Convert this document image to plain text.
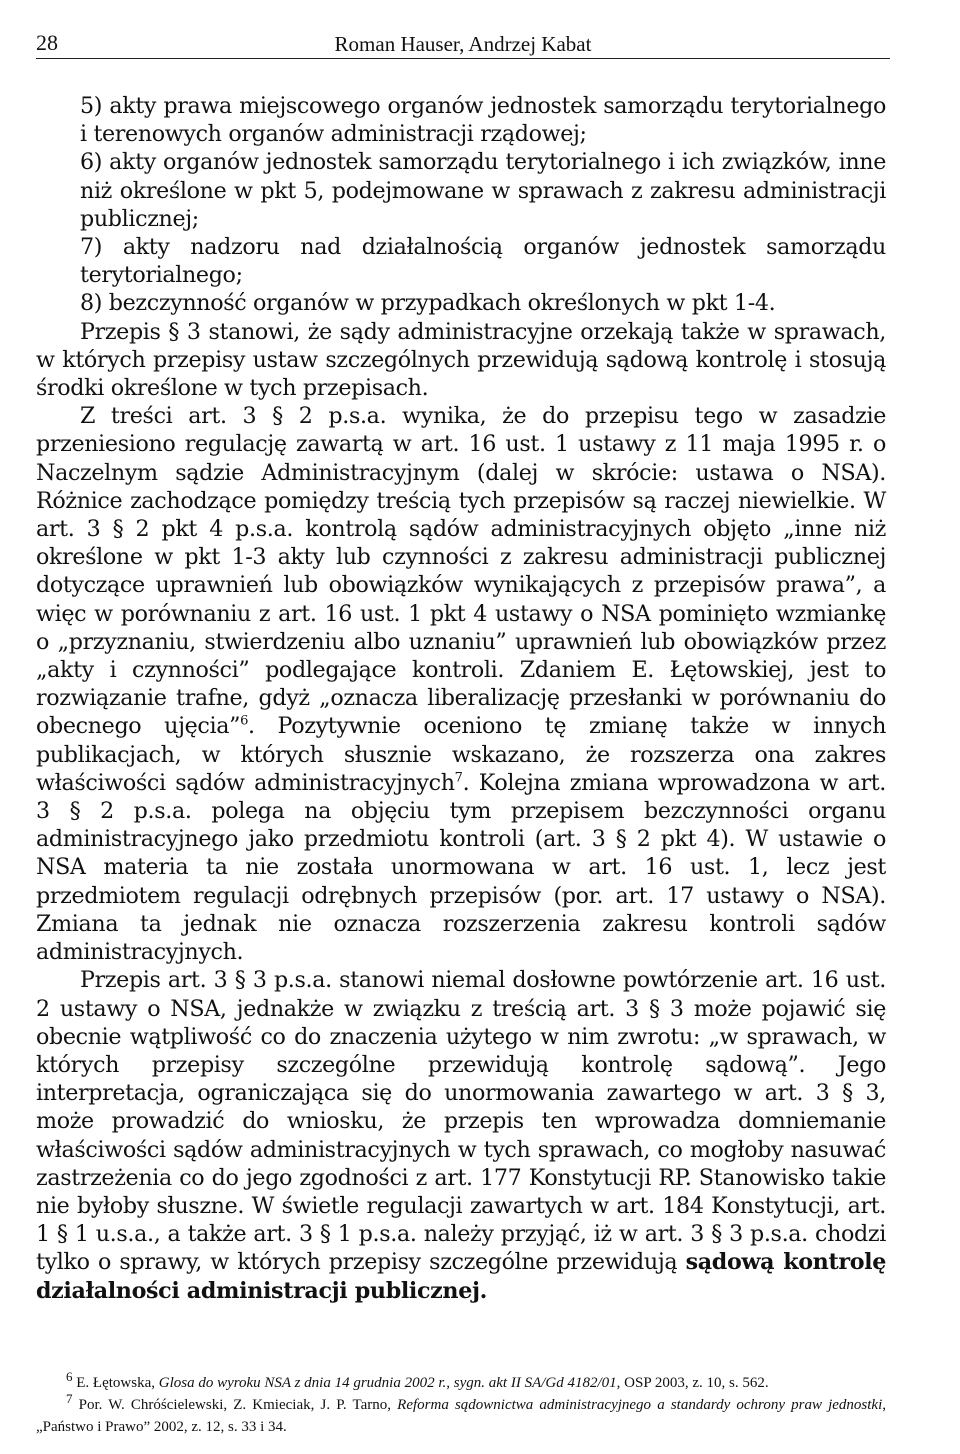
28	Roman Hauser, Andrzej Kabat

5) akty prawa miejscowego organów jednostek samorządu terytorialnego i terenowych organów administracji rządowej;

6) akty organów jednostek samorządu terytorialnego i ich związków, inne niż określone w pkt 5, podejmowane w sprawach z zakresu administracji publicznej;

7) akty nadzoru nad działalnością organów jednostek samorządu terytorialnego;

8) bezczynność organów w przypadkach określonych w pkt 1-4.

Przepis § 3 stanowi, że sądy administracyjne orzekają także w sprawach, w których przepisy ustaw szczególnych przewidują sądową kontrolę i stosują środki określone w tych przepisach.

Z treści art. 3 § 2 p.s.a. wynika, że do przepisu tego w zasadzie przeniesiono regulację zawartą w art. 16 ust. 1 ustawy z 11 maja 1995 r. o Naczelnym sądzie Administracyjnym (dalej w skrócie: ustawa o NSA). Różnice zachodzące pomiędzy treścią tych przepisów są raczej niewielkie. W art. 3 § 2 pkt 4 p.s.a. kontrolą sądów administracyjnych objęto „inne niż określone w pkt 1-3 akty lub czynności z zakresu administracji publicznej dotyczące uprawnień lub obowiązków wynikających z przepisów prawa”, a więc w porównaniu z art. 16 ust. 1 pkt 4 ustawy o NSA pominięto wzmiankę o „przyznaniu, stwierdzeniu albo uznaniu” uprawnień lub obowiązków przez „akty i czynności” podlegające kontroli. Zdaniem E. Łętowskiej, jest to rozwiązanie trafne, gdyż „oznacza liberalizację przesłanki w porównaniu do obecnego ujęcia”$^6$. Pozytywnie oceniono tę zmianę także w innych publikacjach, w których słusznie wskazano, że rozszerza ona zakres właściwości sądów administracyjnych$^7$. Kolejna zmiana wprowadzona w art. 3 § 2 p.s.a. polega na objęciu tym przepisem bezczynności organu administracyjnego jako przedmiotu kontroli (art. 3 § 2 pkt 4). W ustawie o NSA materia ta nie została unormowana w art. 16 ust. 1, lecz jest przedmiotem regulacji odrębnych przepisów (por. art. 17 ustawy o NSA). Zmiana ta jednak nie oznacza rozszerzenia zakresu kontroli sądów administracyjnych.

Przepis art. 3 § 3 p.s.a. stanowi niemal dosłowne powtórzenie art. 16 ust. 2 ustawy o NSA, jednakże w związku z treścią art. 3 § 3 może pojawić się obecnie wątpliwość co do znaczenia użytego w nim zwrotu: „w sprawach, w których przepisy szczególne przewidują kontrolę sądową”. Jego interpretacja, ograniczająca się do unormowania zawartego w art. 3 § 3, może prowadzić do wniosku, że przepis ten wprowadza domniemanie właściwości sądów administracyjnych w tych sprawach, co mogłoby nasuwać zastrzeżenia co do jego zgodności z art. 177 Konstytucji RP. Stanowisko takie nie byłoby słuszne. W świetle regulacji zawartych w art. 184 Konstytucji, art. 1 § 1 u.s.a., a także art. 3 § 1 p.s.a. należy przyjąć, iż w art. 3 § 3 p.s.a. chodzi tylko o sprawy, w których przepisy szczególne przewidują sądową kontrolę działalności administracji publicznej.

$^6$ E. Łętowska, Glosa do wyroku NSA z dnia 14 grudnia 2002 r., sygn. akt II SA/Gd 4182/01, OSP 2003, z. 10, s. 562.

$^7$ Por. W. Chróścielewski, Z. Kmieciak, J. P. Tarno, Reforma sądownictwa administracyjnego a standardy ochrony praw jednostki, „Państwo i Prawo” 2002, z. 12, s. 33 i 34.
